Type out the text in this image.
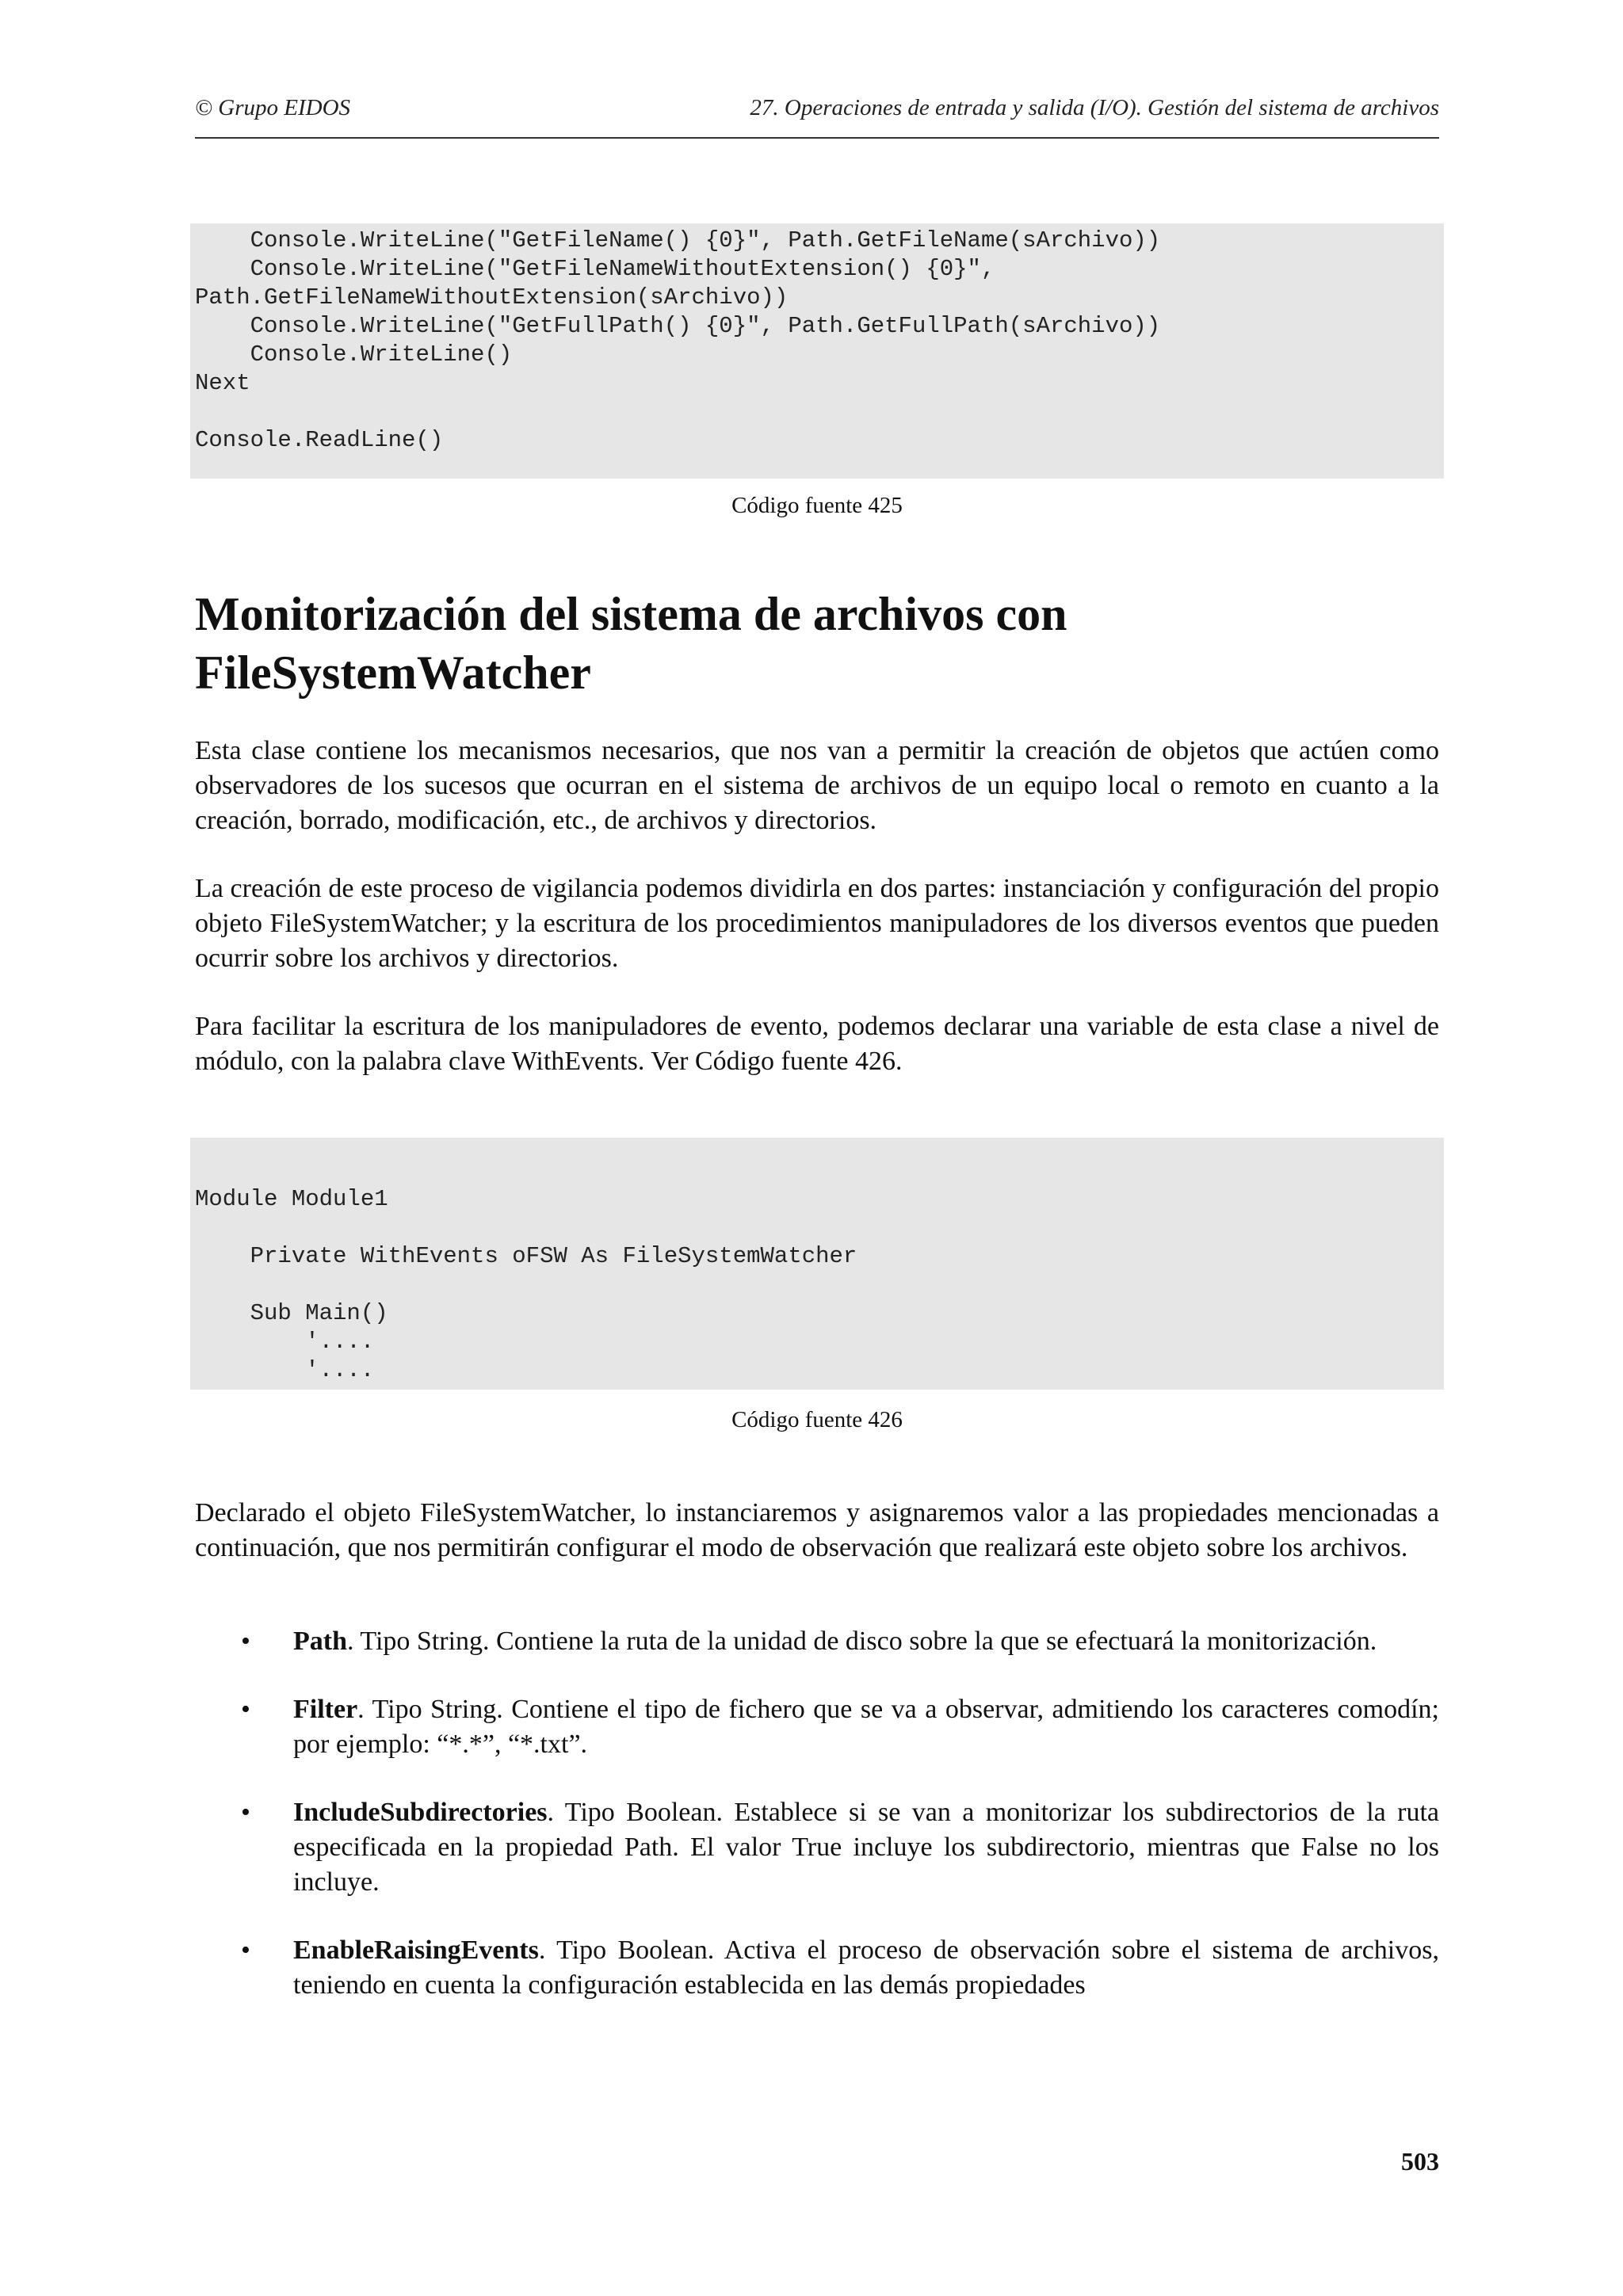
© Grupo EIDOS	27. Operaciones de entrada y salida (I/O). Gestión del sistema de archivos
Console.WriteLine("GetFileName() {0}", Path.GetFileName(sArchivo))
Console.WriteLine("GetFileNameWithoutExtension() {0}",
Path.GetFileNameWithoutExtension(sArchivo))
Console.WriteLine("GetFullPath() {0}", Path.GetFullPath(sArchivo))
Console.WriteLine()
Next
Console.ReadLine()
Código fuente 425
Monitorización del sistema de archivos con FileSystemWatcher

Esta clase contiene los mecanismos necesarios, que nos van a permitir la creación de objetos que actúen como observadores de los sucesos que ocurran en el sistema de archivos de un equipo local o remoto en cuanto a la creación, borrado, modificación, etc., de archivos y directorios.

La creación de este proceso de vigilancia podemos dividirla en dos partes: instanciación y configuración del propio objeto FileSystemWatcher; y la escritura de los procedimientos manipuladores de los diversos eventos que pueden ocurrir sobre los archivos y directorios.

Para facilitar la escritura de los manipuladores de evento, podemos declarar una variable de esta clase a nivel de módulo, con la palabra clave WithEvents. Ver Código fuente 426.

Module Module1
Private WithEvents oFSW As FileSystemWatcher
Sub Main()
'....
'....
Código fuente 426

Declarado el objeto FileSystemWatcher, lo instanciaremos y asignaremos valor a las propiedades mencionadas a continuación, que nos permitirán configurar el modo de observación que realizará este objeto sobre los archivos.

• Path. Tipo String. Contiene la ruta de la unidad de disco sobre la que se efectuará la monitorización.
• Filter. Tipo String. Contiene el tipo de fichero que se va a observar, admitiendo los caracteres comodín; por ejemplo: “*.*”, “*.txt”.
• IncludeSubdirectories. Tipo Boolean. Establece si se van a monitorizar los subdirectorios de la ruta especificada en la propiedad Path. El valor True incluye los subdirectorio, mientras que False no los incluye.
• EnableRaisingEvents. Tipo Boolean. Activa el proceso de observación sobre el sistema de archivos, teniendo en cuenta la configuración establecida en las demás propiedades
503
